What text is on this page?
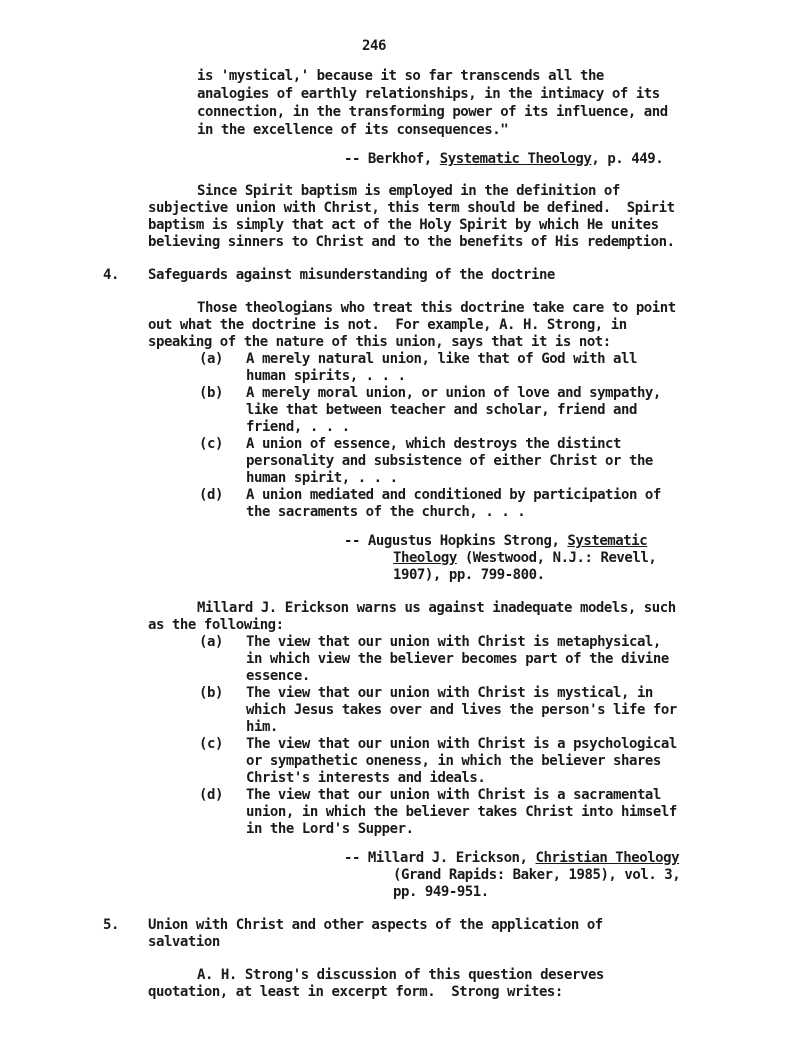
246
is 'mystical,' because it so far transcends all the
analogies of earthly relationships, in the intimacy of its
connection, in the transforming power of its influence, and
in the excellence of its consequences."
-- Berkhof, Systematic Theology, p. 449.
Since Spirit baptism is employed in the definition of
subjective union with Christ, this term should be defined.  Spirit
baptism is simply that act of the Holy Spirit by which He unites
believing sinners to Christ and to the benefits of His redemption.
4. Safeguards against misunderstanding of the doctrine
Those theologians who treat this doctrine take care to point
out what the doctrine is not.  For example, A. H. Strong, in
speaking of the nature of this union, says that it is not:
(a) A merely natural union, like that of God with all
human spirits, . . .
(b) A merely moral union, or union of love and sympathy,
like that between teacher and scholar, friend and
friend, . . .
(c) A union of essence, which destroys the distinct
personality and subsistence of either Christ or the
human spirit, . . .
(d) A union mediated and conditioned by participation of
the sacraments of the church, . . .
-- Augustus Hopkins Strong, Systematic
Theology (Westwood, N.J.: Revell,
1907), pp. 799-800.
Millard J. Erickson warns us against inadequate models, such
as the following:
(a) The view that our union with Christ is metaphysical,
in which view the believer becomes part of the divine
essence.
(b) The view that our union with Christ is mystical, in
which Jesus takes over and lives the person's life for
him.
(c) The view that our union with Christ is a psychological
or sympathetic oneness, in which the believer shares
Christ's interests and ideals.
(d) The view that our union with Christ is a sacramental
union, in which the believer takes Christ into himself
in the Lord's Supper.
-- Millard J. Erickson, Christian Theology
(Grand Rapids: Baker, 1985), vol. 3,
pp. 949-951.
5. Union with Christ and other aspects of the application of
salvation
A. H. Strong's discussion of this question deserves
quotation, at least in excerpt form.  Strong writes:
